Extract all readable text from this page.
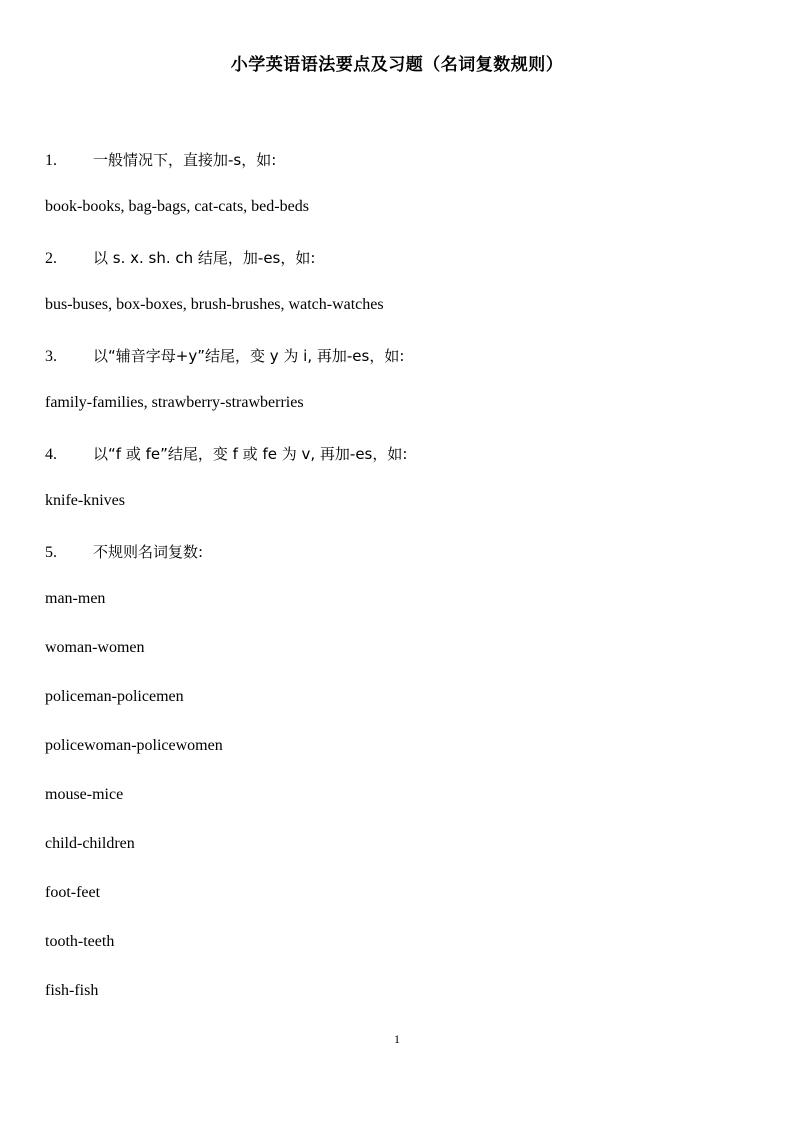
小学英语语法要点及习题（名词复数规则）
1. 一般情况下，直接加-s，如:
book-books, bag-bags, cat-cats, bed-beds
2. 以 s. x. sh. ch 结尾，加-es，如:
bus-buses, box-boxes, brush-brushes, watch-watches
3. 以“辅音字母+y”结尾，变 y 为 i, 再加-es，如:
family-families, strawberry-strawberries
4. 以“f 或 fe”结尾，变 f 或 fe 为 v, 再加-es，如:
knife-knives
5. 不规则名词复数:
man-men
woman-women
policeman-policemen
policewoman-policewomen
mouse-mice
child-children
foot-feet
tooth-teeth
fish-fish
1
